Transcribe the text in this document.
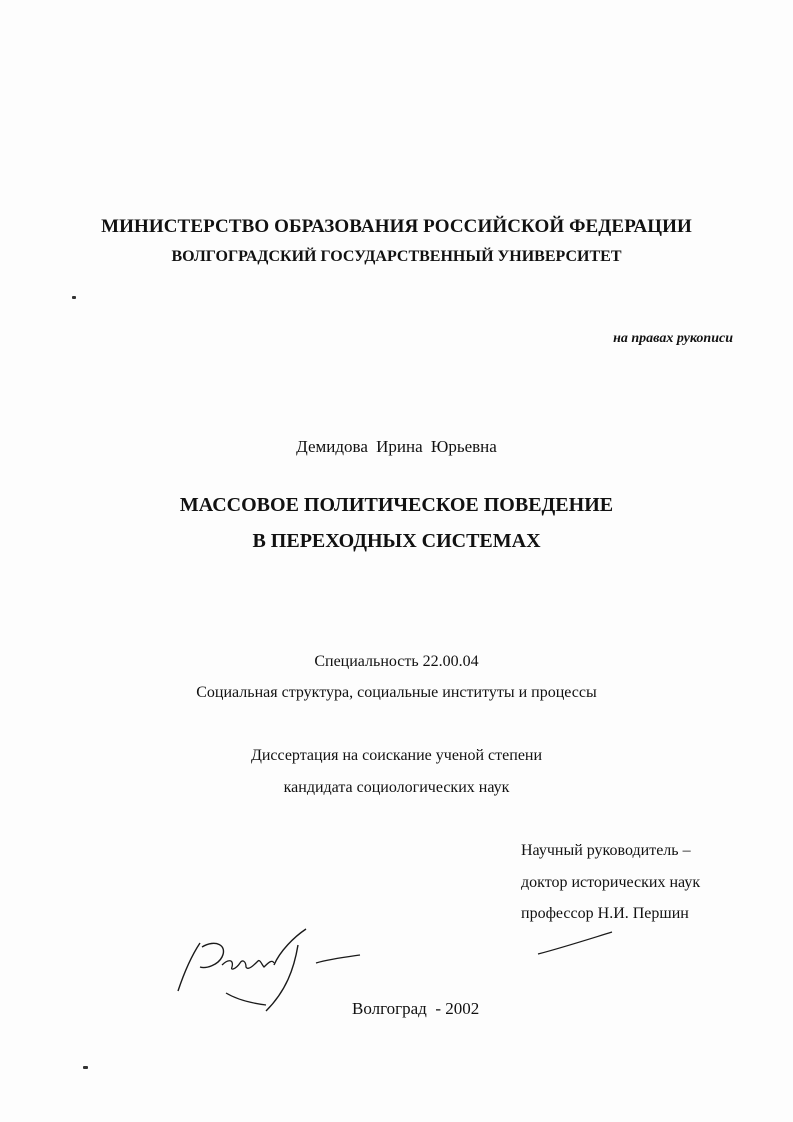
МИНИСТЕРСТВО ОБРАЗОВАНИЯ РОССИЙСКОЙ ФЕДЕРАЦИИ
ВОЛГОГРАДСКИЙ ГОСУДАРСТВЕННЫЙ УНИВЕРСИТЕТ
на правах рукописи
Демидова Ирина Юрьевна
МАССОВОЕ ПОЛИТИЧЕСКОЕ ПОВЕДЕНИЕ
В ПЕРЕХОДНЫХ СИСТЕМАХ
Специальность 22.00.04
Социальная структура, социальные институты и процессы
Диссертация на соискание ученой степени
кандидата социологических наук
Научный руководитель –
доктор исторических наук
профессор Н.И. Першин
Волгоград  - 2002
